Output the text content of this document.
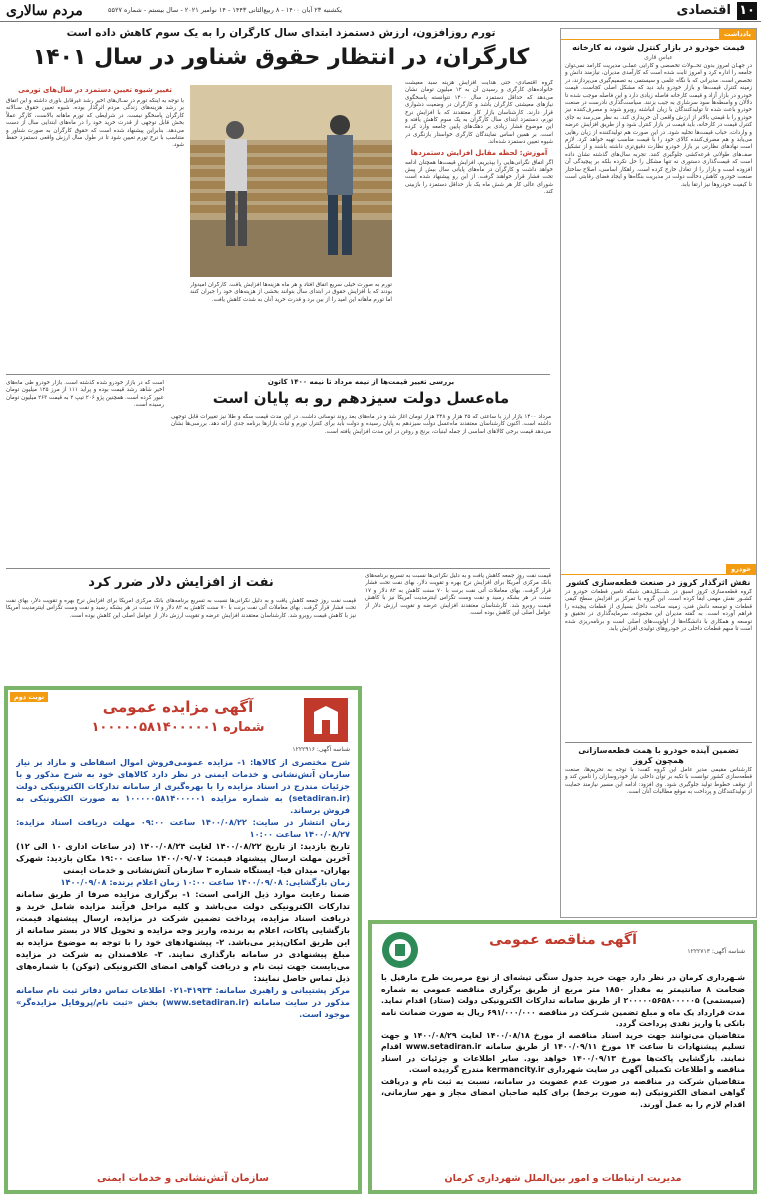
۱۰
اقتصادی
یکشنبه ۲۳ آبان ۱۴۰۰ - ۸ ربیع‌الثانی ۱۴۴۳ - ۱۴ نوامبر ۲۰۲۱ - سال بیستم - شماره ۵۵۲۷
مردم سالاری
یادداشت
قیمت خودرو در بازار کنترل شود، نه کارخانه
عباس قاری
در جهـان امروز بدون تحــولات تخصصی و کارآیی عملـی مدیریت کارآمد نمی‌توان جامعه را اداره کرد و امروز ثابت شده است که کارآمدی مدیران، نیازمند دانش و تخصص است. مدیرانی که با نگاه علمی و سیستمی به تصمیم‌گیری می‌پردازند، در زمینه کنترل قیمت‌ها و بازار خودرو باید دید که مشکل اصلی کجاست. قیمت خودرو در بازار آزاد و قیمت کارخانه فاصله زیادی دارد و این فاصله موجب شده تا دلالان و واسطه‌ها سود سرشاری به جیب بزنند. سیاست‌گذاری نادرست در صنعت خودرو باعث شده تا تولیدکنندگان با زیان انباشته روبرو شوند و مصرف‌کننده نیز خودرو را با قیمتی بالاتر از ارزش واقعی آن خریداری کند. به نظر می‌رسد به جای کنترل قیمت در کارخانه، باید قیمت در بازار کنترل شود و از طریق افزایش عرضه و واردات، حباب قیمت‌ها تخلیه شود. در این صورت هم تولیدکننده از زیان رهایی می‌یابد و هم مصرف‌کننده کالای خود را با قیمت مناسب تهیه خواهد کرد. لازم است نهادهای نظارتی بر بازار خودرو نظارت دقیق‌تری داشته باشند و از تشکیل صف‌های طولانی قرعه‌کشی جلوگیری کنند. تجربه سال‌های گذشته نشان داده است که قیمت‌گذاری دستوری نه تنها مشکل را حل نکرده بلکه بر پیچیدگی آن افزوده است و بازار را از تعادل خارج کرده است. راهکار اساسی، اصلاح ساختار صنعت خودرو، کاهش دخالت دولت در مدیریت بنگاه‌ها و ایجاد فضای رقابتی است تا کیفیت خودروها نیز ارتقا یابد.
خودرو
نقش اثرگذار کروز در صنعت قطعه‌سازی کشور
گروه قطعه‌سازی کروز اسبق در شـــکل‌دهی شبکه تامین قطعات خودرو در کشـور نقش مهمی ایفا کرده است. این گروه با تمرکز بر افزایش سطح کیفی قطعات و توسعه دانش فنی، زمینه ساخت داخل بسیاری از قطعات پیچیده را فراهم آورده است. به گفته مدیران این مجموعه، سرمایه‌گذاری در تحقیق و توسعه و همکاری با دانشگاه‌ها از اولویت‌های اصلی است و برنامه‌ریزی شده است تا سهم قطعات داخلی در خودروهای تولیدی افزایش یابد.
تضمین آینده خودرو با همت قطعه‌سازانی همچون کروز
کارشناس مقیمی مدیر عامل این گروه گفت: با توجه به تحریم‌ها، صنعت قطعه‌سازی کشور توانست با تکیه بر توان داخلی نیاز خودروسازان را تامین کند و از توقف خطوط تولید جلوگیری شود. وی افزود: ادامه این مسیر نیازمند حمایت از تولیدکنندگان و پرداخت به موقع مطالبات آنان است.
تورم روزافزون، ارزش دستمزد ابتدای سال کارگران را به یک سوم کاهش داده است
کارگران، در انتظار حقوق شناور در سال ۱۴۰۱

گروه اقتصادی- حتی هدایت افزایش هزینه سبد معیشت خانواده‌های کارگری و رسیدن آن به ۱۲ میلیون تومان نشان می‌دهد که حداقل دستمزد سال ۱۴۰۰ نتوانسته پاسخگوی نیازهای معیشتی کارگران باشد و کارگران در وضعیت دشواری قرار دارند. کارشناسان بازار کار معتقدند که با افزایش نرخ تورم، دستمزد ابتدای سال کارگران به یک سوم کاهش یافته و این موضوع فشار زیادی بر دهک‌های پایین جامعه وارد کرده است. بر همین اساس نمایندگان کارگری خواستار بازنگری در شیوه تعیین دستمزد شده‌اند.

آموزش: لحظه مقابل افزایش دستمزدها

اگر اتفاق نگرانی‌هایی را بپذیریم، افزایش قیمت‌ها همچنان ادامه خواهد داشت و کارگران در ماه‌های پایانی سال بیش از پیش تحت فشار قرار خواهند گرفت. از این رو پیشنهاد شده است شورای عالی کار هر شش ماه یک بار حداقل دستمزد را بازبینی کند.

تغییر شیوه تعیین دستمزد در سال‌های تورمی
با توجه به اینکه تورم در سـال‌های اخیر رشد غیرقابل باوری داشته و این اتفاق بر رشد هزینه‌های زندگی مردم اثرگذار بوده، شیوه تعیین حقوق سـالانه کارگران پاسخگو نیست. در شرایطی که تورم ماهانه بالاست، کارگر عملاً بخش قابل توجهی از قدرت خرید خود را در ماه‌های ابتدایی سال از دست می‌دهد. بنابراین پیشنهاد شده است که حقوق کارگران به صورت شناور و متناسب با نرخ تورم تعیین شود تا در طول سال ارزش واقعی دستمزد حفظ شود.
تورم به صورت خیلی سریع اتفاق افتاد و هر ماه هزینه‌ها افزایش یافت. کارگران امیدوار بودند که با افزایش حقوق در ابتدای سال بتوانند بخشی از هزینه‌های خود را جبران کنند اما تورم ماهانه این امید را از بین برد و قدرت خرید آنان به شدت کاهش یافت.
بررسی تغییر قیمت‌ها از نیمه مرداد تا نیمه ۱۴۰۰ کاتون
ماه‌عسل دولت سیزدهم رو به پایان است
مرداد ۱۴۰۰ بازار ارز با ساعتی که ۲۵ هزار و ۳۴۸ هزار تومان آغاز شد و در ماه‌های بعد روند نوسانی داشت. در این مدت قیمت سکه و طلا نیز تغییرات قابل توجهی داشته است. اکنون کارشناسان معتقدند ماه‌عسل دولت سیزدهم به پایان رسیده و دولت باید برای کنترل تورم و ثبات بازارها برنامه جدی ارائه دهد. بررسی‌ها نشان می‌دهد قیمت برخی کالاهای اساسی از جمله لبنیات، برنج و روغن در این مدت افزایش یافته است.
است که در بازار خودرو شده گذشته است. بازار خودرو طی ماه‌های اخیر شاهد رشد قیمت بوده و پراید ۱۱۱ از مرز ۱۲۵ میلیون تومان عبور کرده است. همچنین پژو ۲۰۶ تیپ ۲ به قیمت ۲۶۳ میلیون تومان رسیده است.
نفت از افزایش دلار ضرر کرد
قیمت نفت روز جمعه کاهش یافت و به دلیل نگرانی‌ها نسبت به تسریع برنامه‌های بانک مرکزی آمریکا برای افزایش نرخ بهره و تقویت دلار، بهای نفت تحت فشار قرار گرفت. بهای معاملات آتی نفت برنت با ۷۰ سنت کاهش به ۸۲ دلار و ۱۷ سنت در هر بشکه رسید و نفت وست تگزاس اینترمدیت آمریکا نیز با کاهش قیمت روبرو شد. کارشناسان معتقدند افزایش عرضه و تقویت ارزش دلار از عوامل اصلی این کاهش بوده است.
قیمت نفت روز جمعه کاهش یافت و به دلیل نگرانی‌ها نسبت به تسریع برنامه‌های بانک مرکزی آمریکا برای افزایش نرخ بهره و تقویت دلار، بهای نفت تحت فشار قرار گرفت. بهای معاملات آتی نفت برنت با ۷۰ سنت کاهش به ۸۲ دلار و ۱۷ سنت در هر بشکه رسید و نفت وست تگزاس اینترمدیت آمریکا نیز با کاهش قیمت روبرو شد. کارشناسان معتقدند افزایش عرضه و تقویت ارزش دلار از عوامل اصلی این کاهش بوده است.
نوبت دوم
آگهی مزایده عمومی
شماره ۱۰۰۰۰۰۵۸۱۴۰۰۰۰۰۱
شناسه آگهی: ۱۲۲۲۹۱۶

شرح مختصری از کالاها: ۱- مزایده عمومی‌فروش اموال اسقاطی و مازاد بر نیاز سازمان آتش‌نشانی و خدمات ایمنی در نظر دارد کالاهای خود به شرح مذکور و با جزئیات مندرج در اسناد مزایده را با بهره‌گیری از سامانه تدارکات الکترونیکی دولت (setadiran.ir) به شماره مزایده ۱۰۰۰۰۰۵۸۱۴۰۰۰۰۰۱ به صورت الکترونیکی به فروش برساند.

زمان انتشار در سایت: ۱۴۰۰/۰۸/۲۲ ساعت ۰۹:۰۰ مهلت دریافت اسناد مزایده: ۱۴۰۰/۰۸/۲۷ ساعت ۱۰:۰۰

تاریخ بازدید: از تاریخ ۱۴۰۰/۰۸/۲۲ لغایت ۱۴۰۰/۰۸/۲۴ (در ساعات اداری ۱۰ الی ۱۲) آخرین مهلت ارسال پیشنهاد قیمت: ۱۴۰۰/۰۹/۰۷ ساعت ۱۹:۰۰ مکان بازدید: شهرک بهاران- میدان قبا- ایستگاه شماره ۳ سازمان آتش‌نشانی و خدمات ایمنی

زمان بازگشایی: ۱۴۰۰/۰۹/۰۸ ساعت ۱۰:۰۰ زمان اعلام برنده: ۱۴۰۰/۰۹/۰۸

ضمنا رعایت موارد ذیل الزامی است: ۱- برگزاری مزایده صرفا از طریق سامانه تدارکات الکترونیکی دولت می‌باشد و کلیه مراحل فرآیند مزایده شامل خرید و دریافت اسناد مزایده، پرداخت تضمین شرکت در مزایده، ارسال پیشنهاد قیمت، بازگشایی پاکات، اعلام به برنده، واریز وجه مزایده و تحویل کالا در بستر سامانه از این طریق امکان‌پذیر می‌باشد. ۲- پیشنهادهای خود را با توجه به موضوع مزایده به مبلغ پیشنهادی در سامانه بارگذاری نمایند. ۳- علاقمندان به شرکت در مزایده می‌بایست جهت ثبت نام و دریافت گواهی امضای الکترونیکی (توکن) با شماره‌های ذیل تماس حاصل نمایند:

مرکز پشتیبانی و راهبری سامانه: ۴۱۹۳۴-۰۲۱ اطلاعات تماس دفاتر ثبت نام سامانه مذکور در سایت سامانه (www.setadiran.ir) بخش «ثبت نام/پروفایل مزایده‌گر» موجود است.

سازمان آتش‌نشانی و خدمات ایمنی
آگهی مناقصه عمومی
شناسه آگهی: ۱۲۲۲۷۱۳

شـهرداری کرمان در نظر دارد جهت خرید جدول سنگی تیشه‌ای از نوع مرمریت طرح مارفیل با ضخامت ۸ سانتیمتر به مقدار ۱۸۵۰ متر مربع از طریق برگزاری مناقصه عمومی به شماره (سیستمی) ۲۰۰۰۰۰۵۶۵۸۰۰۰۰۰۵ از طریق سامانه تدارکات الکترونیکی دولت (ستاد) اقدام نماید. مدت قرارداد یک ماه و مبلغ تضمین شـرکت در مناقصه ۶۹۱/۰۰۰/۰۰۰ ریال به صورت ضمانت نامه بانکی یا واریز نقدی پرداخت گردد.

متقاضیان می‌توانند جهت خرید اسناد مناقصه از مورخ ۱۴۰۰/۰۸/۱۸ لغایت ۱۴۰۰/۰۸/۲۹ و جهت تسلیم پیشنهادات تا ساعت ۱۴ مورخ ۱۴۰۰/۰۹/۱۱ از طریق سامانه www.setadiran.ir اقدام نمایند. بازگشایی پاکت‌ها مورخ ۱۴۰۰/۰۹/۱۳ خواهد بود. سایر اطلاعات و جزئیات در اسناد مناقصه و اطلاعات تکمیلی آگهی در سایت شهرداری kermancity.ir مندرج گردیده است.

متقاضیان شرکت در مناقصه در صورت عدم عضویت در سامانه، نسبت به ثبت نام و دریافت گواهی امضای الکترونیکی (به صورت برخط) برای کلیه صاحبان امضای مجاز و مهر سازمانی، اقدام لازم را به عمل آورند.

مدیریت ارتباطات و امور بین‌الملل شهرداری کرمان
